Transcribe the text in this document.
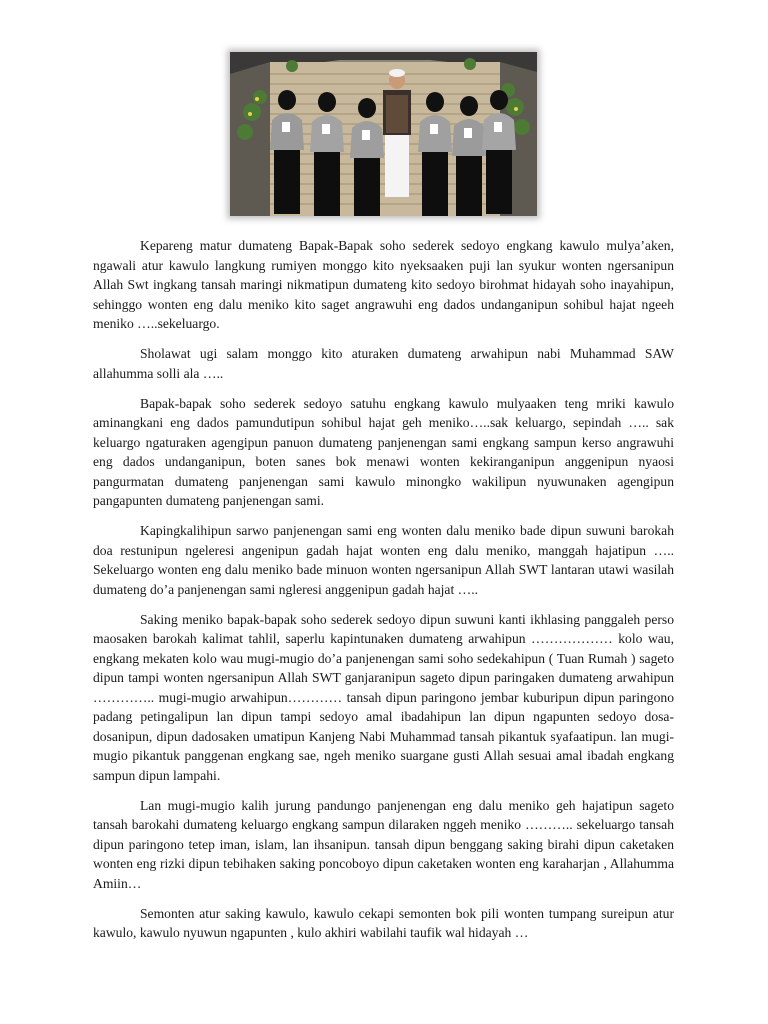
Kepareng matur dumateng Bapak-Bapak soho sederek sedoyo engkang kawulo mulya’aken, ngawali atur kawulo langkung rumiyen monggo kito nyeksaaken puji lan syukur wonten ngersanipun Allah Swt ingkang tansah maringi nikmatipun dumateng kito sedoyo birohmat hidayah soho inayahipun, sehinggo wonten eng dalu meniko kito saget angrawuhi eng dados undanganipun sohibul hajat ngeeh meniko …..sekeluargo.

Sholawat ugi salam monggo kito aturaken dumateng arwahipun nabi Muhammad SAW allahumma solli ala …..

Bapak-bapak soho sederek sedoyo satuhu engkang kawulo mulyaaken teng mriki kawulo aminangkani eng dados pamundutipun sohibul hajat geh meniko…..sak keluargo, sepindah ….. sak keluargo ngaturaken agengipun panuon dumateng panjenengan sami engkang sampun kerso angrawuhi eng dados undanganipun, boten sanes bok menawi wonten kekiranganipun anggenipun nyaosi pangurmatan dumateng panjenengan sami kawulo minongko wakilipun nyuwunaken agengipun pangapunten dumateng panjenengan sami.

Kapingkalihipun sarwo panjenengan sami eng wonten dalu meniko bade dipun suwuni barokah doa restunipun ngeleresi angenipun gadah hajat wonten eng dalu meniko, manggah hajatipun ….. Sekeluargo wonten eng dalu meniko bade minuon wonten ngersanipun Allah SWT lantaran utawi wasilah dumateng do’a panjenengan sami ngleresi anggenipun gadah hajat …..

Saking meniko bapak-bapak soho sederek sedoyo dipun suwuni kanti ikhlasing panggaleh perso maosaken barokah kalimat tahlil, saperlu kapintunaken dumateng arwahipun ……………… kolo wau, engkang mekaten kolo wau mugi-mugio do’a panjenengan sami soho sedekahipun ( Tuan Rumah ) sageto dipun tampi wonten ngersanipun Allah SWT ganjaranipun sageto dipun paringaken dumateng arwahipun ………….. mugi-mugio arwahipun………… tansah dipun paringono jembar kuburipun dipun paringono padang petingalipun lan dipun tampi sedoyo amal ibadahipun lan dipun ngapunten sedoyo dosa-dosanipun, dipun dadosaken umatipun Kanjeng Nabi Muhammad tansah pikantuk syafaatipun. lan mugi-mugio pikantuk panggenan engkang sae, ngeh meniko suargane gusti Allah sesuai amal ibadah engkang sampun dipun lampahi.

Lan mugi-mugio kalih jurung pandungo panjenengan eng dalu meniko geh hajatipun sageto tansah barokahi dumateng keluargo engkang sampun dilaraken nggeh meniko ……….. sekeluargo tansah dipun paringono tetep iman, islam, lan ihsanipun. tansah dipun benggang saking birahi dipun caketaken wonten eng rizki dipun tebihaken saking poncoboyo dipun caketaken wonten eng karaharjan , Allahumma Amiin…

Semonten atur saking kawulo, kawulo cekapi semonten bok pili wonten tumpang sureipun atur kawulo, kawulo nyuwun ngapunten , kulo akhiri wabilahi taufik wal hidayah …
